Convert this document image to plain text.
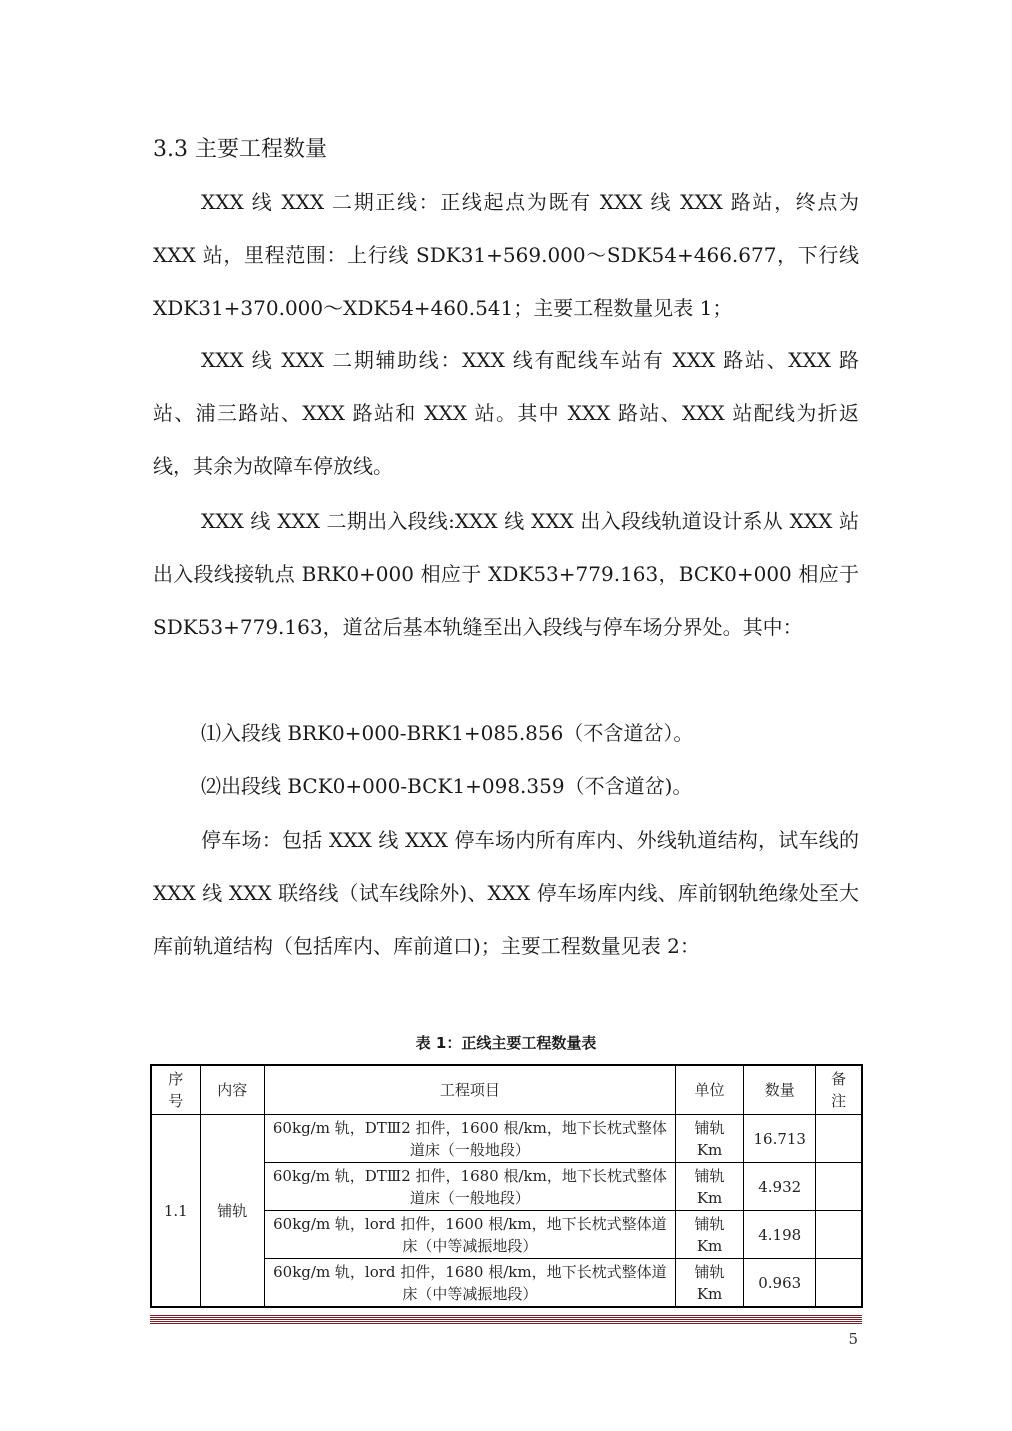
3.3 主要工程数量

XXX 线 XXX 二期正线：正线起点为既有 XXX 线 XXX 路站，终点为 XXX 站，里程范围：上行线 SDK31+569.000～SDK54+466.677，下行线 XDK31+370.000～XDK54+460.541；主要工程数量见表 1；

XXX 线 XXX 二期辅助线：XXX 线有配线车站有 XXX 路站、XXX 路站、浦三路站、XXX 路站和 XXX 站。其中 XXX 路站、XXX 站配线为折返线，其余为故障车停放线。

XXX 线 XXX 二期出入段线:XXX 线 XXX 出入段线轨道设计系从 XXX 站出入段线接轨点 BRK0+000 相应于 XDK53+779.163，BCK0+000 相应于 SDK53+779.163，道岔后基本轨缝至出入段线与停车场分界处。其中：

⑴入段线 BRK0+000-BRK1+085.856（不含道岔）。

⑵出段线 BCK0+000-BCK1+098.359（不含道岔)。

停车场：包括 XXX 线 XXX 停车场内所有库内、外线轨道结构，试车线的 XXX 线 XXX 联络线（试车线除外)、XXX 停车场库内线、库前钢轨绝缘处至大库前轨道结构（包括库内、库前道口)；主要工程数量见表 2：

表 1：正线主要工程数量表
序号	内容	工程项目	单位	数量	备注
1.1	铺轨	60kg/m 轨，DTⅢ2 扣件，1600 根/km，地下长枕式整体道床（一般地段）	铺轨 Km	16.713	
		60kg/m 轨，DTⅢ2 扣件，1680 根/km，地下长枕式整体道床（一般地段）	铺轨 Km	4.932	
		60kg/m 轨，lord 扣件，1600 根/km，地下长枕式整体道床（中等减振地段）	铺轨 Km	4.198	
		60kg/m 轨，lord 扣件，1680 根/km，地下长枕式整体道床（中等减振地段）	铺轨 Km	0.963	
5
